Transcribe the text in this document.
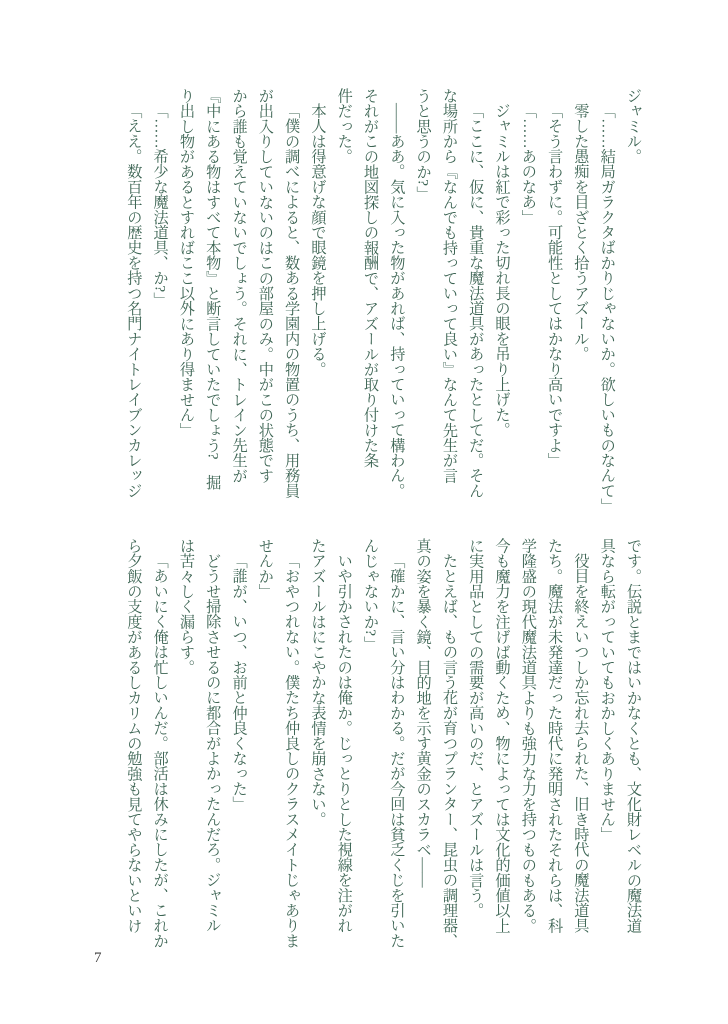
ジャミル。

「……結局ガラクタばかりじゃないか。欲しいものなんて」

零した愚痴を目ざとく拾うアズール。

「そう言わずに。可能性としてはかなり高いですよ」

「……あのなあ」

ジャミルは紅で彩った切れ長の眼を吊り上げた。

「ここに、仮に、貴重な魔法道具があったとしてだ。そん

な場所から『なんでも持っていって良い』なんて先生が言

うと思うのか?」

――ああ。気に入った物があれば、持っていって構わん。

それがこの地図探しの報酬で、アズールが取り付けた条

件だった。

本人は得意げな顔で眼鏡を押し上げる。

「僕の調べによると、数ある学園内の物置のうち、用務員

が出入りしていないのはこの部屋のみ。中がこの状態です

から誰も覚えていないでしょう。それに、トレイン先生が

『中にある物はすべて本物』と断言していたでしょう?　掘

り出し物があるとすればここ以外にあり得ません」

「……希少な魔法道具、か?」

「ええ。数百年の歴史を持つ名門ナイトレイブンカレッジ

です。伝説とまではいかなくとも、文化財レベルの魔法道

具なら転がっていてもおかしくありません」

役目を終えいつしか忘れ去られた、旧き時代の魔法道具

たち。魔法が未発達だった時代に発明されたそれらは、科

学隆盛の現代魔法道具よりも強力な力を持つものもある。

今も魔力を注げば動くため、物によっては文化的価値以上

に実用品としての需要が高いのだ、とアズールは言う。

たとえば、もの言う花が育つプランター、昆虫の調理器、

真の姿を暴く鏡、目的地を示す黄金のスカラベ――

「確かに、言い分はわかる。だが今回は貧乏くじを引いた

んじゃないか?」

いや引かされたのは俺か。じっとりとした視線を注がれ

たアズールはにこやかな表情を崩さない。

「おやつれない。僕たち仲良しのクラスメイトじゃありま

せんか」

「誰が、いつ、お前と仲良くなった」

どうせ掃除させるのに都合がよかったんだろ。ジャミル

は苦々しく漏らす。

「あいにく俺は忙しいんだ。部活は休みにしたが、これか

ら夕飯の支度があるしカリムの勉強も見てやらないといけ

7
